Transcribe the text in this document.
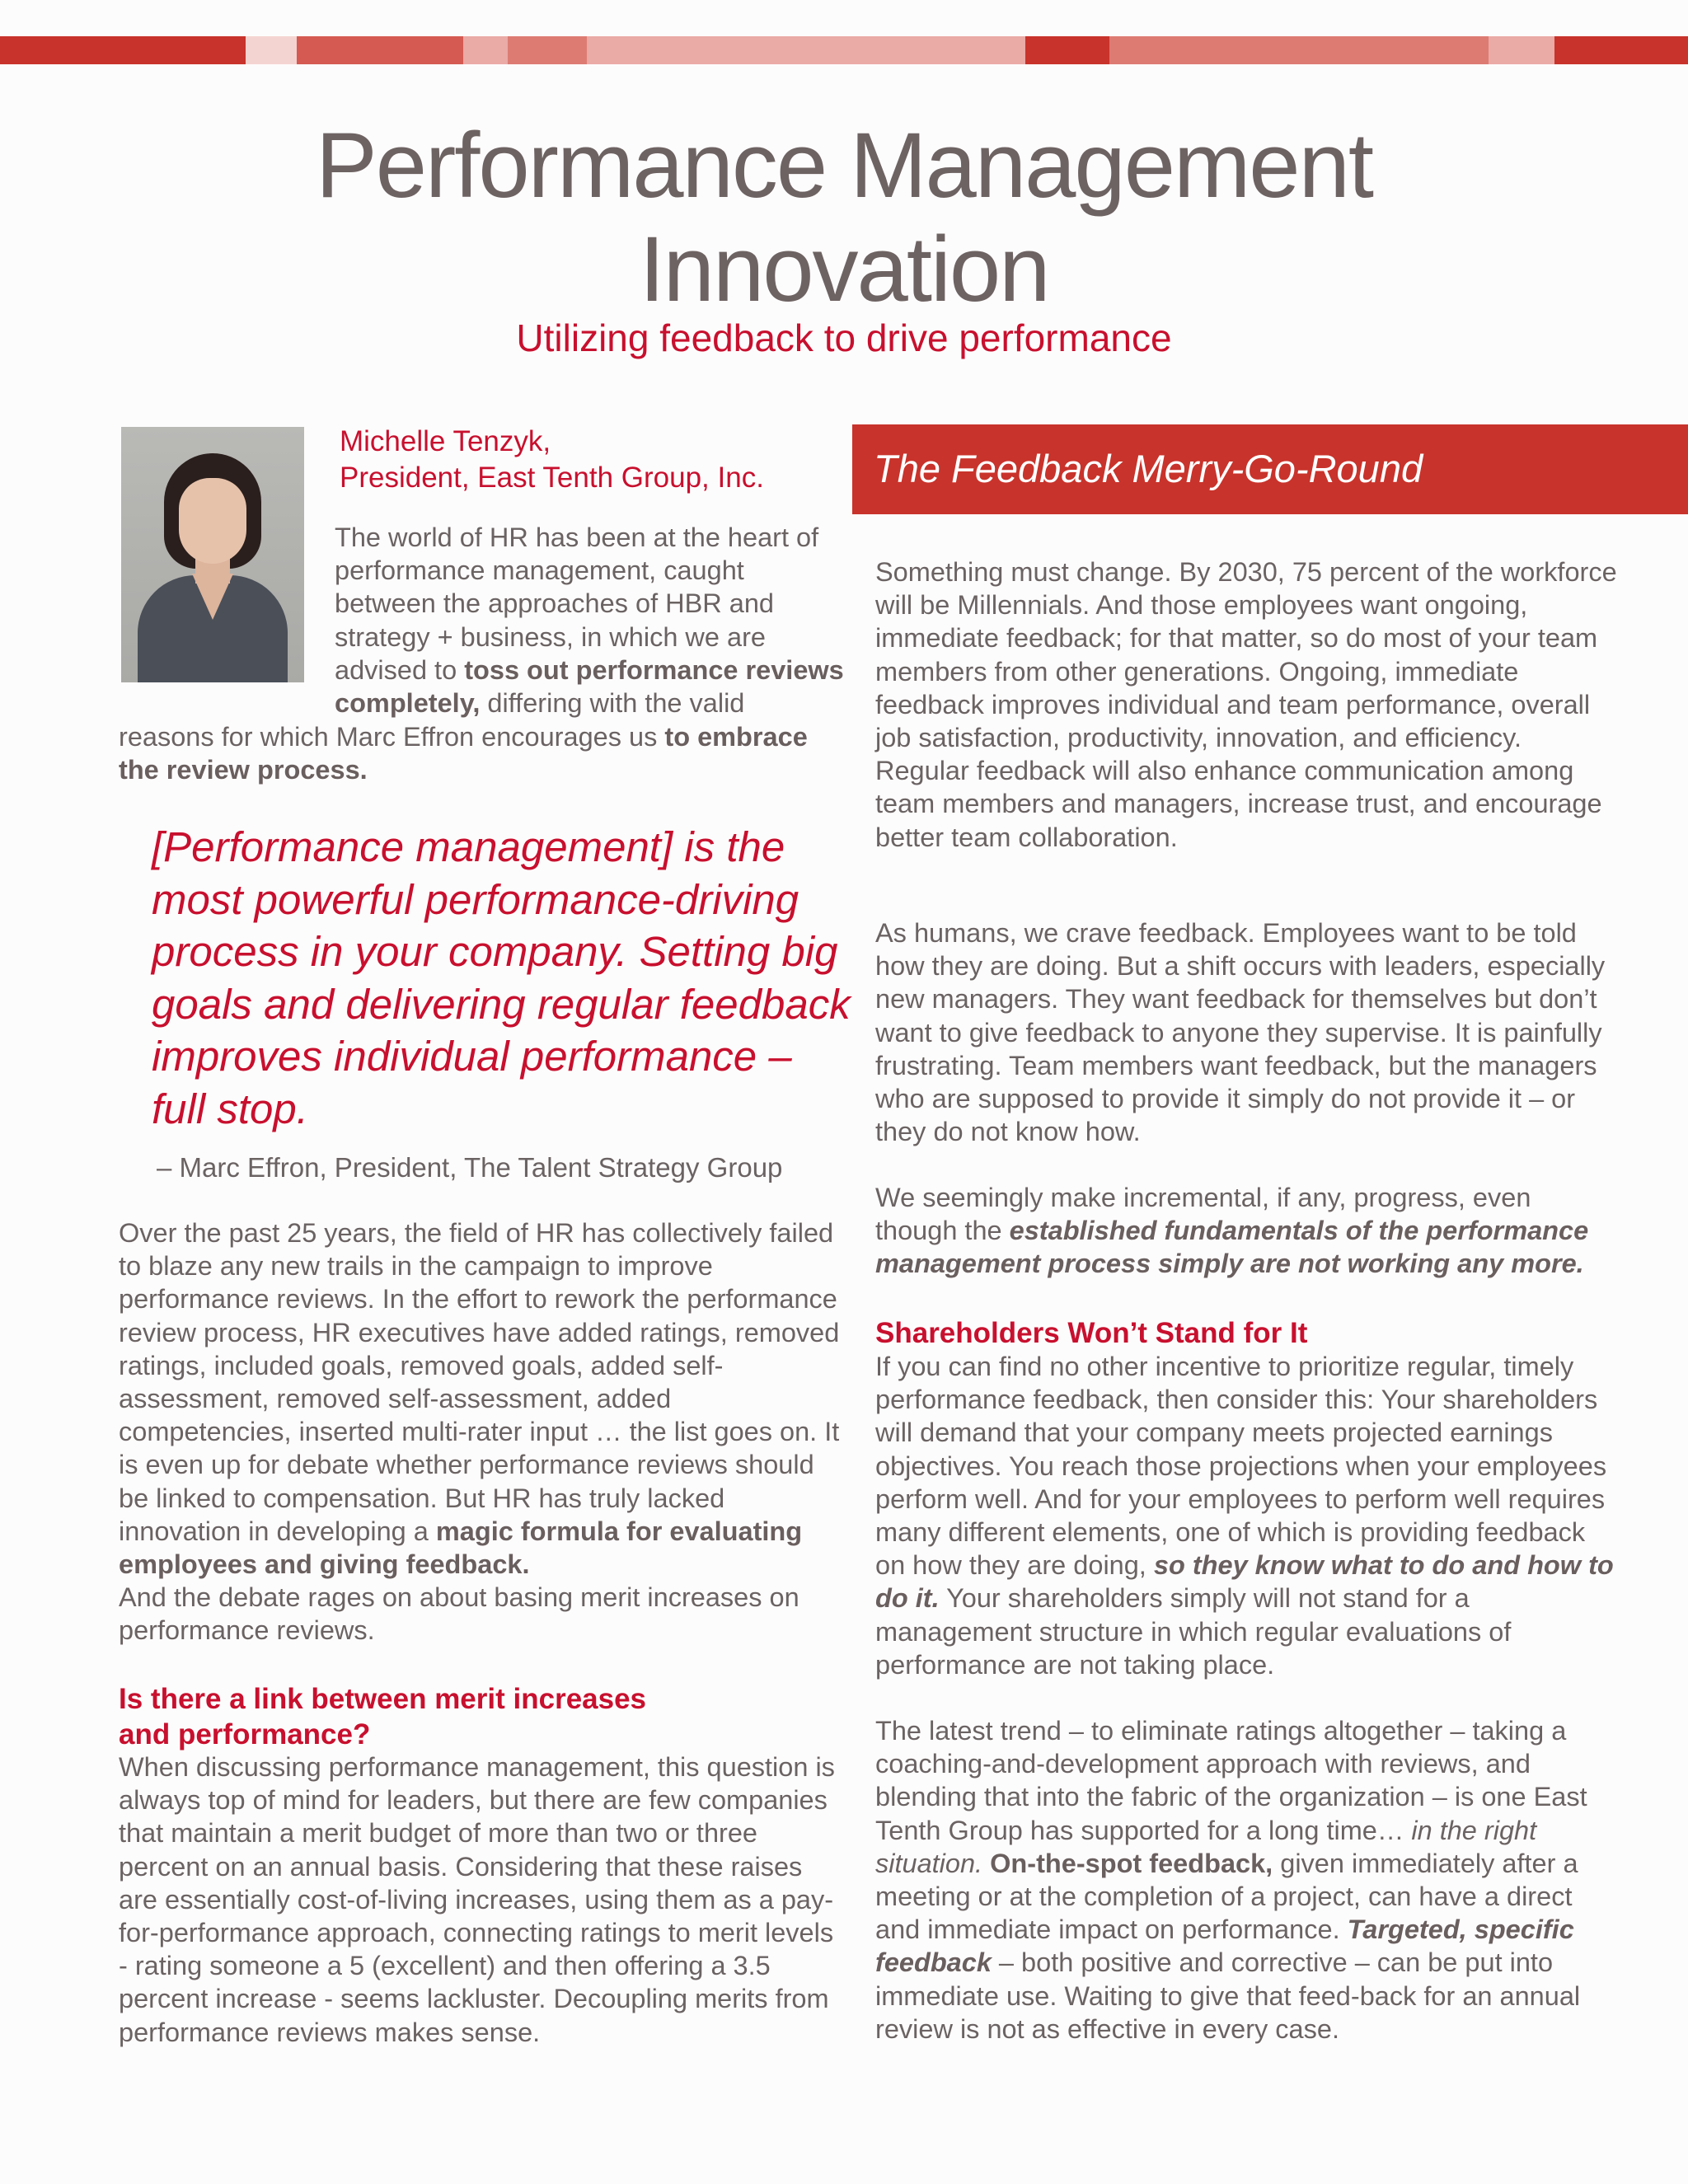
Performance Management
Innovation
Utilizing feedback to drive performance
Michelle Tenzyk,
President, East Tenth Group, Inc.

The world of HR has been at the heart of performance management, caught between the approaches of HBR and strategy + business, in which we are advised to toss out performance reviews completely, differing with the valid

reasons for which Marc Effron encourages us to embrace the review process.

[Performance management] is the most powerful performance-driving process in your company. Setting big goals and delivering regular feedback improves individual performance – full stop.
– Marc Effron, President, The Talent Strategy Group

Over the past 25 years, the field of HR has collectively failed to blaze any new trails in the campaign to improve performance reviews. In the effort to rework the performance review process, HR executives have added ratings, removed ratings, included goals, removed goals, added self-assessment, removed self-assessment, added competencies, inserted multi-rater input … the list goes on. It is even up for debate whether performance reviews should be linked to compensation. But HR has truly lacked innovation in developing a magic formula for evaluating employees and giving feedback.
And the debate rages on about basing merit increases on performance reviews.

Is there a link between merit increases
and performance?

When discussing performance management, this question is always top of mind for leaders, but there are few companies that maintain a merit budget of more than two or three percent on an annual basis. Considering that these raises are essentially cost-of-living increases, using them as a pay-for-performance approach, connecting ratings to merit levels - rating someone a 5 (excellent) and then offering a 3.5 percent increase - seems lackluster. Decoupling merits from performance reviews makes sense.

The Feedback Merry-Go-Round

Something must change. By 2030, 75 percent of the workforce will be Millennials. And those employees want ongoing, immediate feedback; for that matter, so do most of your team members from other generations. Ongoing, immediate feedback improves individual and team performance, overall job satisfaction, productivity, innovation, and efficiency. Regular feedback will also enhance communication among team members and managers, increase trust, and encourage better team collaboration.

As humans, we crave feedback. Employees want to be told how they are doing. But a shift occurs with leaders, especially new managers. They want feedback for themselves but don’t want to give feedback to anyone they supervise. It is painfully frustrating. Team members want feedback, but the managers who are supposed to provide it simply do not provide it – or they do not know how.

We seemingly make incremental, if any, progress, even though the established fundamentals of the performance management process simply are not working any more.

Shareholders Won’t Stand for It

If you can find no other incentive to prioritize regular, timely performance feedback, then consider this: Your shareholders will demand that your company meets projected earnings objectives. You reach those projections when your employees perform well. And for your employees to perform well requires many different elements, one of which is providing feedback on how they are doing, so they know what to do and how to do it. Your shareholders simply will not stand for a management structure in which regular evaluations of performance are not taking place.

The latest trend – to eliminate ratings altogether – taking a coaching-and-development approach with reviews, and blending that into the fabric of the organization – is one East Tenth Group has supported for a long time… in the right situation. On-the-spot feedback, given immediately after a meeting or at the completion of a project, can have a direct and immediate impact on performance. Targeted, specific feedback – both positive and corrective – can be put into immediate use. Waiting to give that feed-back for an annual review is not as effective in every case.
